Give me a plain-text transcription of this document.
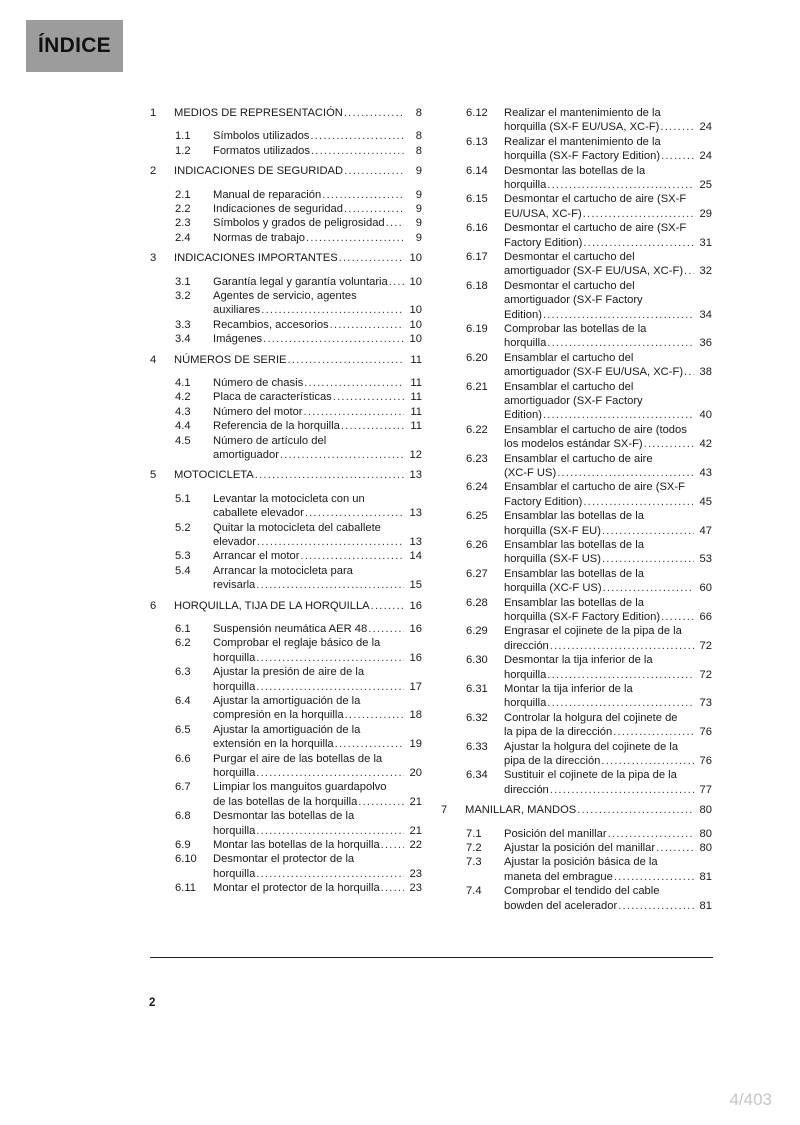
ÍNDICE
1 MEDIOS DE REPRESENTACIÓN .....	8
1.1 Símbolos utilizados .....	8
1.2 Formatos utilizados .....	8
2 INDICACIONES DE SEGURIDAD .....	9
2.1 Manual de reparación .....	9
2.2 Indicaciones de seguridad .....	9
2.3 Símbolos y grados de peligrosidad .....	9
2.4 Normas de trabajo .....	9
3 INDICACIONES IMPORTANTES .....	10
3.1 Garantía legal y garantía voluntaria .....	10
3.2 Agentes de servicio, agentes
auxiliares .....	10
3.3 Recambios, accesorios .....	10
3.4 Imágenes .....	10
4 NÚMEROS DE SERIE .....	11
4.1 Número de chasis .....	11
4.2 Placa de características .....	11
4.3 Número del motor .....	11
4.4 Referencia de la horquilla .....	11
4.5 Número de artículo del
amortiguador .....	12
5 MOTOCICLETA .....	13
5.1 Levantar la motocicleta con un
caballete elevador .....	13
5.2 Quitar la motocicleta del caballete
elevador .....	13
5.3 Arrancar el motor .....	14
5.4 Arrancar la motocicleta para
revisarla .....	15
6 HORQUILLA, TIJA DE LA HORQUILLA .....	16
6.1 Suspensión neumática AER 48 .....	16
6.2 Comprobar el reglaje básico de la
horquilla .....	16
6.3 Ajustar la presión de aire de la
horquilla .....	17
6.4 Ajustar la amortiguación de la
compresión en la horquilla .....	18
6.5 Ajustar la amortiguación de la
extensión en la horquilla .....	19
6.6 Purgar el aire de las botellas de la
horquilla .....	20
6.7 Limpiar los manguitos guardapolvo
de las botellas de la horquilla .....	21
6.8 Desmontar las botellas de la
horquilla .....	21
6.9 Montar las botellas de la horquilla .....	22
6.10 Desmontar el protector de la
horquilla .....	23
6.11 Montar el protector de la horquilla .....	23
6.12 Realizar el mantenimiento de la
horquilla (SX-F EU/USA, XC-F) .....	24
6.13 Realizar el mantenimiento de la
horquilla (SX-F Factory Edition) .....	24
6.14 Desmontar las botellas de la
horquilla .....	25
6.15 Desmontar el cartucho de aire (SX-F
EU/USA, XC-F) .....	29
6.16 Desmontar el cartucho de aire (SX-F
Factory Edition) .....	31
6.17 Desmontar el cartucho del
amortiguador (SX-F EU/USA, XC-F) .....	32
6.18 Desmontar el cartucho del
amortiguador (SX-F Factory
Edition) .....	34
6.19 Comprobar las botellas de la
horquilla .....	36
6.20 Ensamblar el cartucho del
amortiguador (SX-F EU/USA, XC-F) .....	38
6.21 Ensamblar el cartucho del
amortiguador (SX-F Factory
Edition) .....	40
6.22 Ensamblar el cartucho de aire (todos
los modelos estándar SX-F) .....	42
6.23 Ensamblar el cartucho de aire
(XC-F US) .....	43
6.24 Ensamblar el cartucho de aire (SX-F
Factory Edition) .....	45
6.25 Ensamblar las botellas de la
horquilla (SX-F EU) .....	47
6.26 Ensamblar las botellas de la
horquilla (SX-F US) .....	53
6.27 Ensamblar las botellas de la
horquilla (XC-F US) .....	60
6.28 Ensamblar las botellas de la
horquilla (SX-F Factory Edition) .....	66
6.29 Engrasar el cojinete de la pipa de la
dirección .....	72
6.30 Desmontar la tija inferior de la
horquilla .....	72
6.31 Montar la tija inferior de la
horquilla .....	73
6.32 Controlar la holgura del cojinete de
la pipa de la dirección .....	76
6.33 Ajustar la holgura del cojinete de la
pipa de la dirección .....	76
6.34 Sustituir el cojinete de la pipa de la
dirección .....	77
7 MANILLAR, MANDOS .....	80
7.1 Posición del manillar .....	80
7.2 Ajustar la posición del manillar .....	80
7.3 Ajustar la posición básica de la
maneta del embrague .....	81
7.4 Comprobar el tendido del cable
bowden del acelerador .....	81
2
4/403
